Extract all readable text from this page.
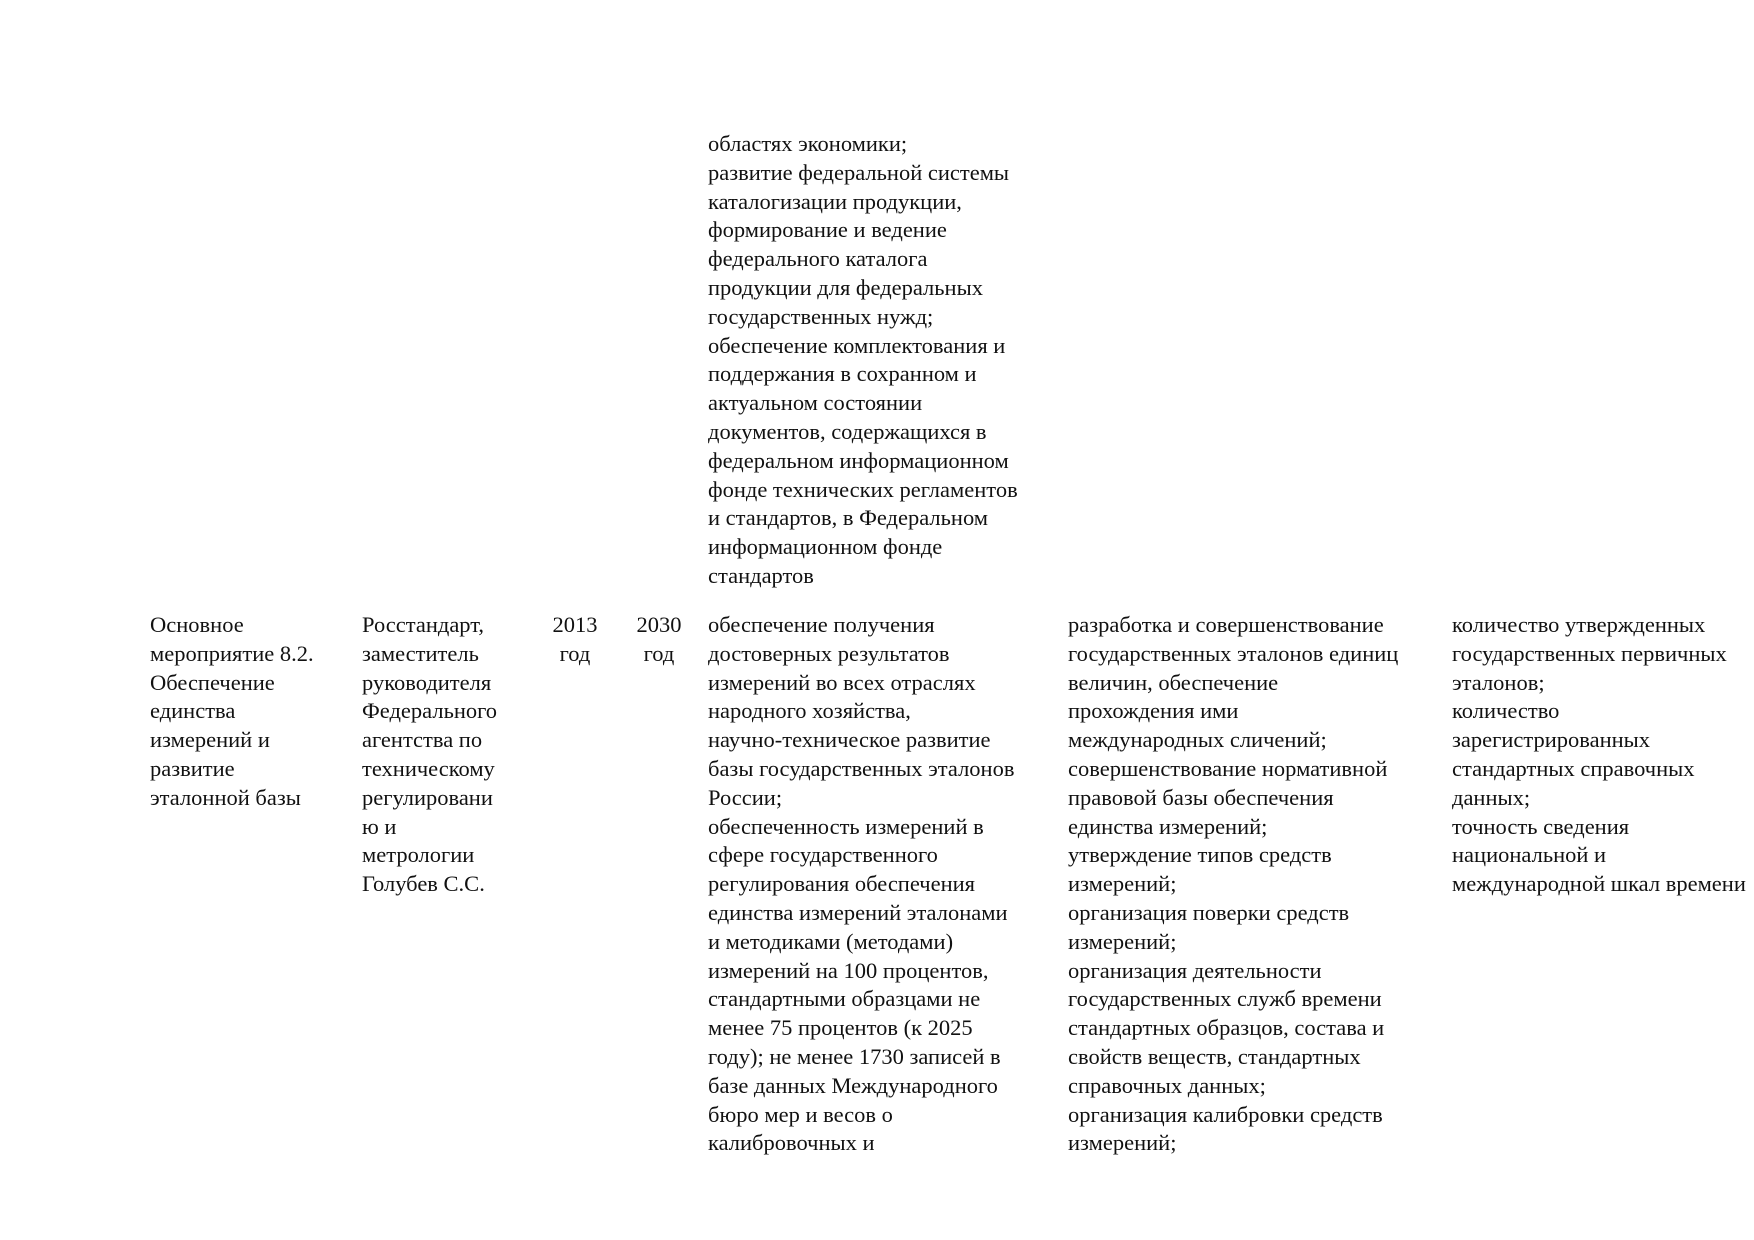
областях экономики;
развитие федеральной системы
каталогизации продукции,
формирование и ведение
федерального каталога
продукции для федеральных
государственных нужд;
обеспечение комплектования и
поддержания в сохранном и
актуальном состоянии
документов, содержащихся в
федеральном информационном
фонде технических регламентов
и стандартов, в Федеральном
информационном фонде
стандартов
Основное
мероприятие 8.2.
Обеспечение
единства
измерений и
развитие
эталонной базы
Росстандарт,
заместитель
руководителя
Федерального
агентства по
техническому
регулировани
ю и
метрологии
Голубев С.С.
2013
год
2030
год
обеспечение получения
достоверных результатов
измерений во всех отраслях
народного хозяйства,
научно-техническое развитие
базы государственных эталонов
России;
обеспеченность измерений в
сфере государственного
регулирования обеспечения
единства измерений эталонами
и методиками (методами)
измерений на 100 процентов,
стандартными образцами не
менее 75 процентов (к 2025
году); не менее 1730 записей в
базе данных Международного
бюро мер и весов о
калибровочных и
разработка и совершенствование
государственных эталонов единиц
величин, обеспечение
прохождения ими
международных сличений;
совершенствование нормативной
правовой базы обеспечения
единства измерений;
утверждение типов средств
измерений;
организация поверки средств
измерений;
организация деятельности
государственных служб времени
стандартных образцов, состава и
свойств веществ, стандартных
справочных данных;
организация калибровки средств
измерений;
количество утвержденных
государственных первичных
эталонов;
количество
зарегистрированных
стандартных справочных
данных;
точность сведения
национальной и
международной шкал времени
